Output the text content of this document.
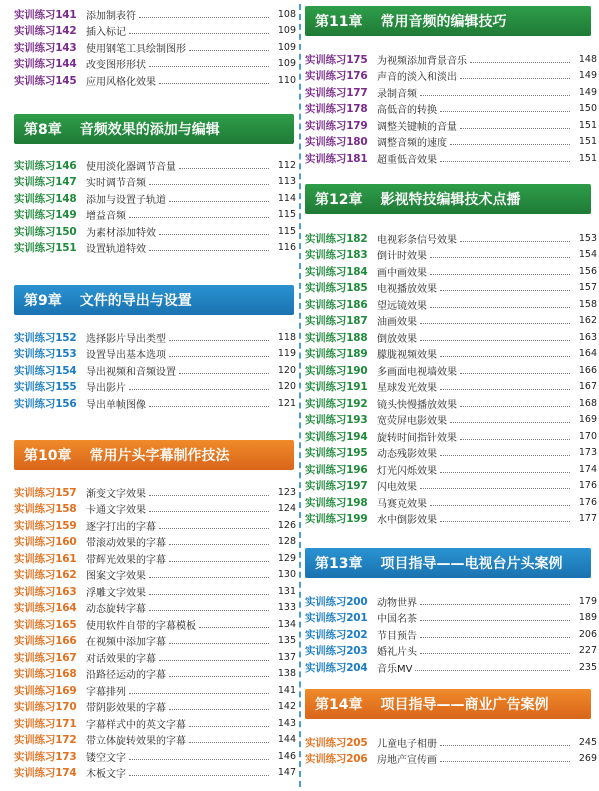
实训练习141 添加制表符	108
实训练习142 插入标记	109
实训练习143 使用钢笔工具绘制图形	109
实训练习144 改变图形形状	109
实训练习145 应用风格化效果	110
第8章 音频效果的添加与编辑
实训练习146 使用淡化器调节音量	112
实训练习147 实时调节音频	113
实训练习148 添加与设置子轨道	114
实训练习149 增益音频	115
实训练习150 为素材添加特效	115
实训练习151 设置轨道特效	116
第9章 文件的导出与设置
实训练习152 选择影片导出类型	118
实训练习153 设置导出基本选项	119
实训练习154 导出视频和音频设置	120
实训练习155 导出影片	120
实训练习156 导出单帧图像	121
第10章 常用片头字幕制作技法
实训练习157 渐变文字效果	123
实训练习158 卡通文字效果	124
实训练习159 逐字打出的字幕	126
实训练习160 带滚动效果的字幕	128
实训练习161 带辉光效果的字幕	129
实训练习162 图案文字效果	130
实训练习163 浮雕文字效果	131
实训练习164 动态旋转字幕	133
实训练习165 使用软件自带的字幕模板	134
实训练习166 在视频中添加字幕	135
实训练习167 对话效果的字幕	137
实训练习168 沿路径运动的字幕	138
实训练习169 字幕排列	141
实训练习170 带阴影效果的字幕	142
实训练习171 字幕样式中的英文字幕	143
实训练习172 带立体旋转效果的字幕	144
实训练习173 镂空文字	146
实训练习174 木板文字	147
第11章 常用音频的编辑技巧
实训练习175 为视频添加背景音乐	148
实训练习176 声音的淡入和淡出	149
实训练习177 录制音频	149
实训练习178 高低音的转换	150
实训练习179 调整关键帧的音量	151
实训练习180 调整音频的速度	151
实训练习181 超重低音效果	151
第12章 影视特技编辑技术点播
实训练习182 电视彩条信号效果	153
实训练习183 倒计时效果	154
实训练习184 画中画效果	156
实训练习185 电视播放效果	157
实训练习186 望远镜效果	158
实训练习187 油画效果	162
实训练习188 倒放效果	163
实训练习189 朦胧视频效果	164
实训练习190 多画面电视墙效果	166
实训练习191 星球发光效果	167
实训练习192 镜头快慢播放效果	168
实训练习193 宽荧屏电影效果	169
实训练习194 旋转时间指针效果	170
实训练习195 动态残影效果	173
实训练习196 灯光闪烁效果	174
实训练习197 闪电效果	176
实训练习198 马赛克效果	176
实训练习199 水中倒影效果	177
第13章 项目指导——电视台片头案例
实训练习200 动物世界	179
实训练习201 中国名茶	189
实训练习202 节目预告	206
实训练习203 婚礼片头	227
实训练习204 音乐MV	235
第14章 项目指导——商业广告案例
实训练习205 儿童电子相册	245
实训练习206 房地产宣传画	269
